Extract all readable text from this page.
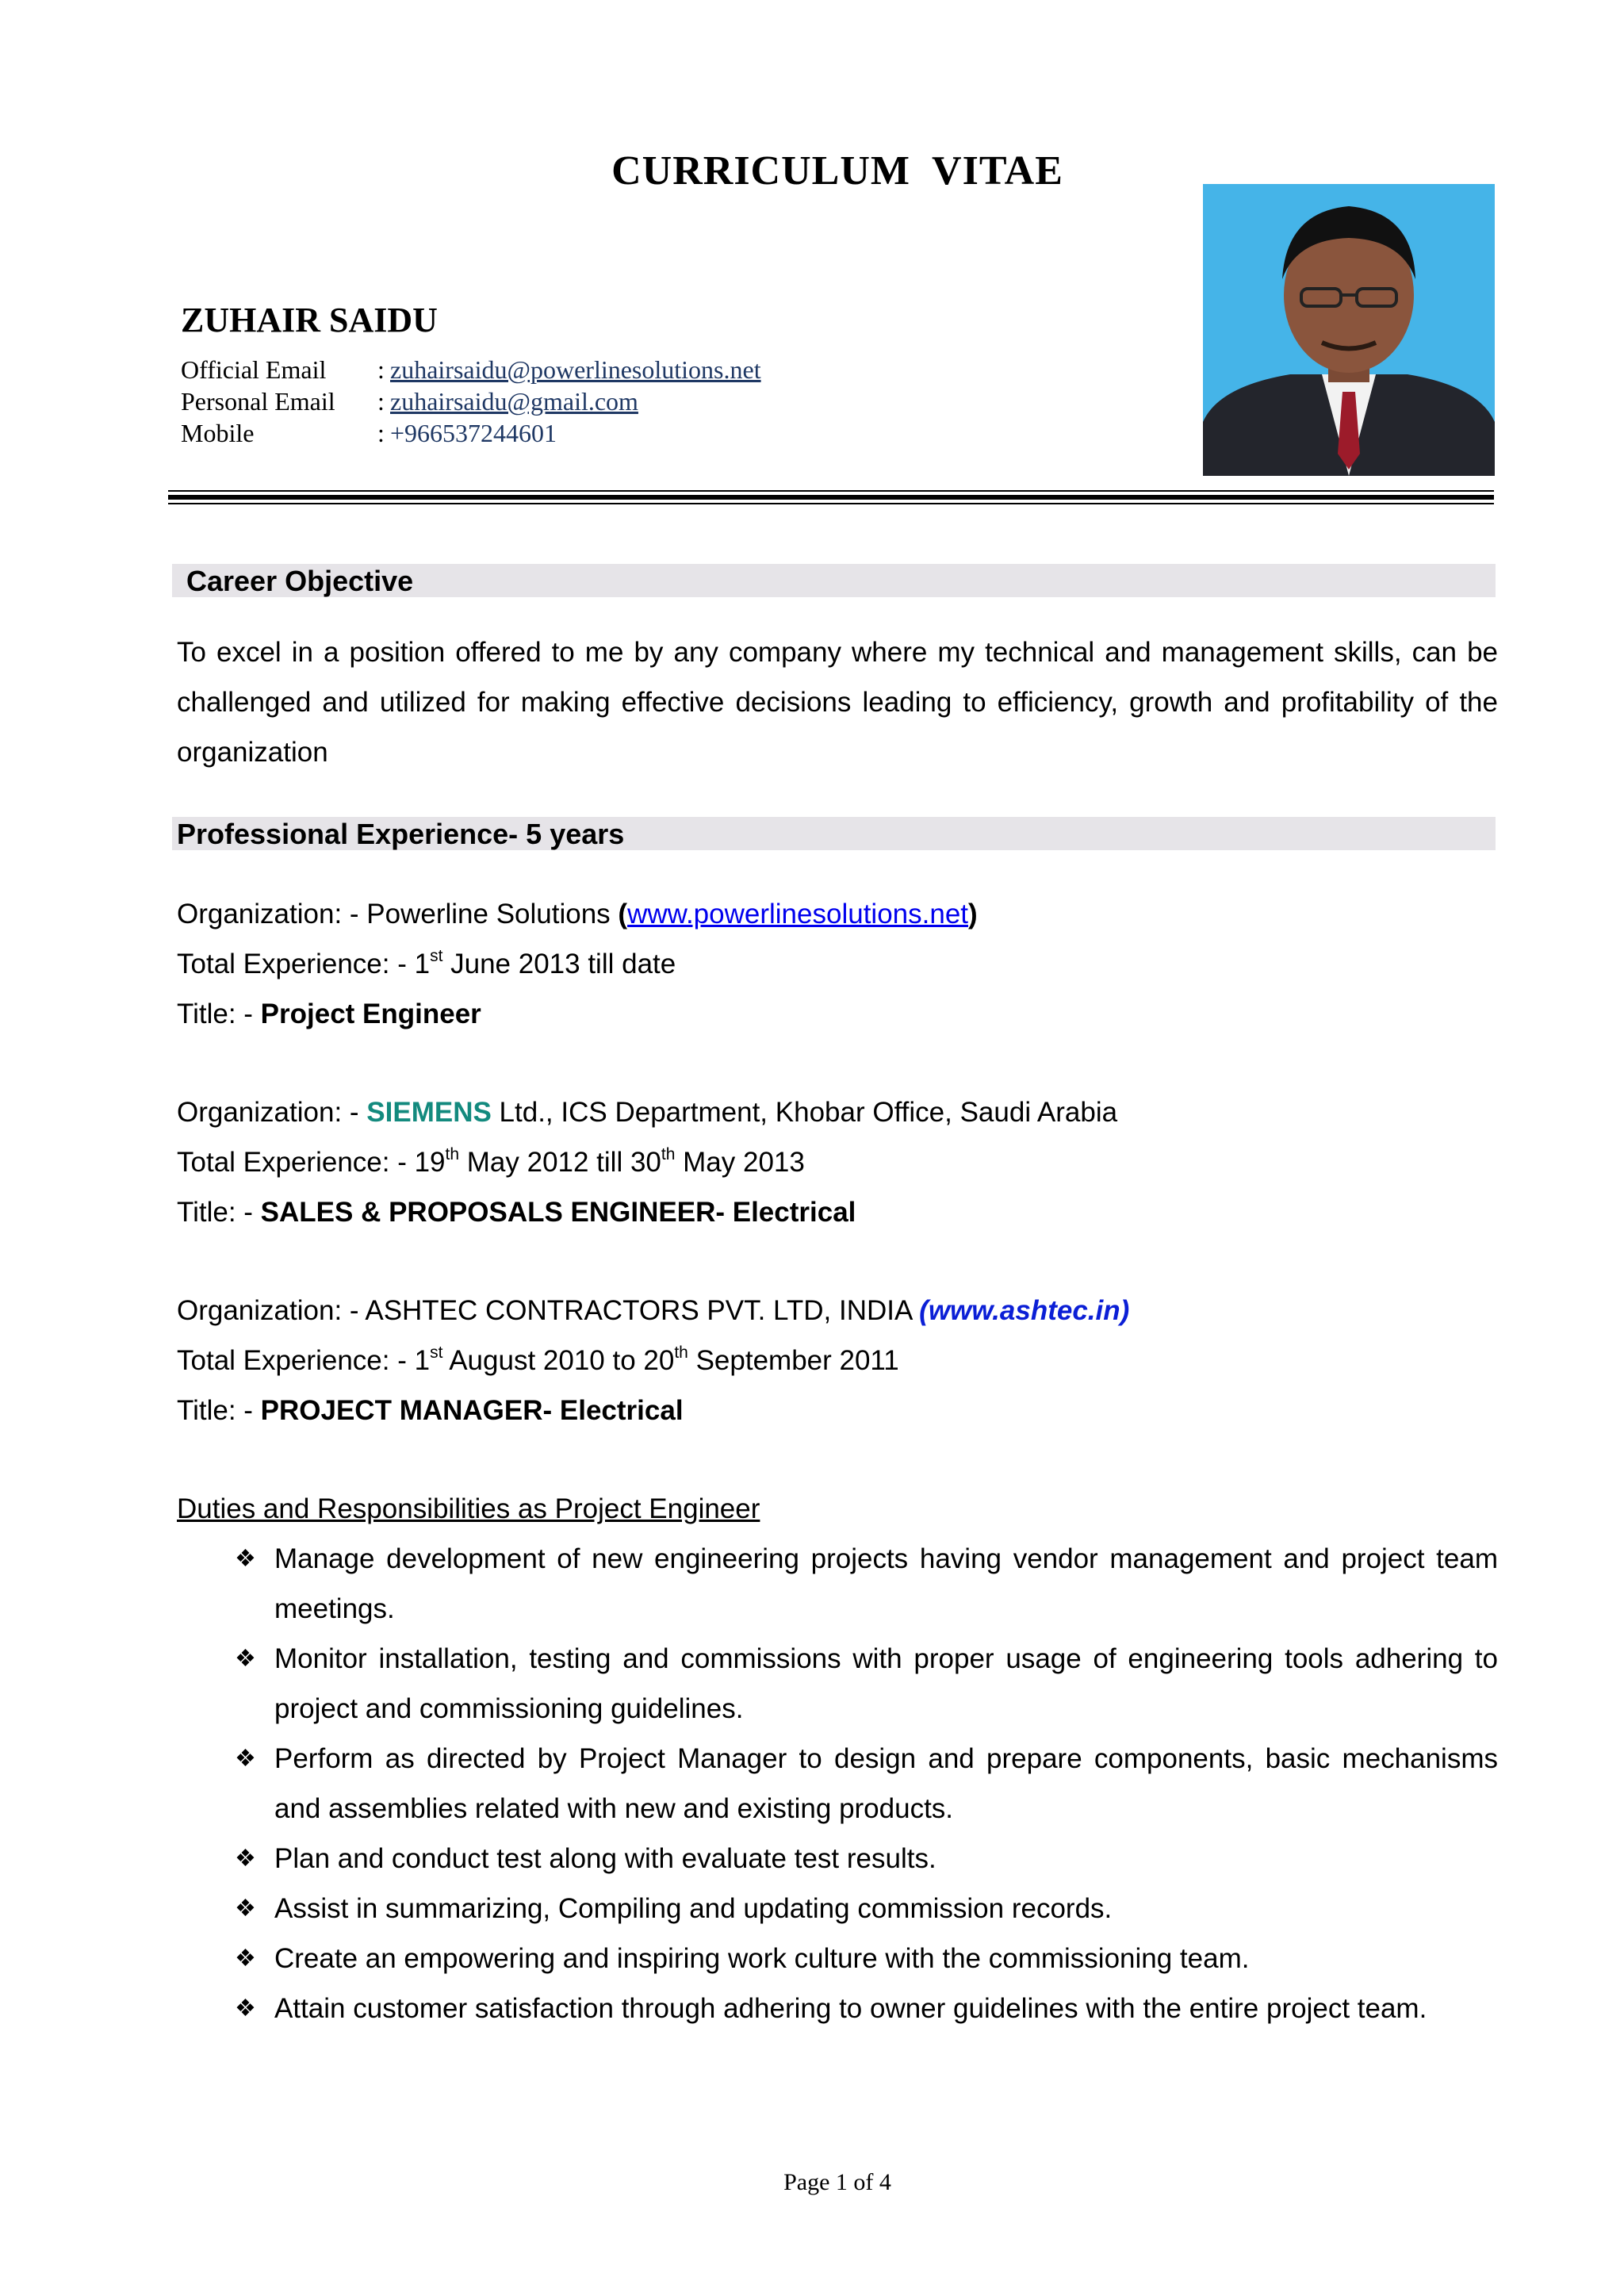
CURRICULUM VITAE
ZUHAIR SAIDU
Official Email	: zuhairsaidu@powerlinesolutions.net
Personal Email	: zuhairsaidu@gmail.com
Mobile	: +966537244601
Career Objective
To excel in a position offered to me by any company where my technical and management skills, can be challenged and utilized for making effective decisions leading to efficiency, growth and profitability of the organization
Professional Experience- 5 years
Organization: - Powerline Solutions (www.powerlinesolutions.net)
Total Experience: - 1st June 2013 till date
Title: - Project Engineer
Organization: - SIEMENS Ltd., ICS Department, Khobar Office, Saudi Arabia
Total Experience: - 19th May 2012 till 30th May 2013
Title: - SALES & PROPOSALS ENGINEER- Electrical
Organization: - ASHTEC CONTRACTORS PVT. LTD, INDIA (www.ashtec.in)
Total Experience: - 1st August 2010 to 20th September 2011
Title: - PROJECT MANAGER- Electrical
Duties and Responsibilities as Project Engineer
❖ Manage development of new engineering projects having vendor management and project team meetings.
❖ Monitor installation, testing and commissions with proper usage of engineering tools adhering to project and commissioning guidelines.
❖ Perform as directed by Project Manager to design and prepare components, basic mechanisms and assemblies related with new and existing products.
❖ Plan and conduct test along with evaluate test results.
❖ Assist in summarizing, Compiling and updating commission records.
❖ Create an empowering and inspiring work culture with the commissioning team.
❖ Attain customer satisfaction through adhering to owner guidelines with the entire project team.
Page 1 of 4
